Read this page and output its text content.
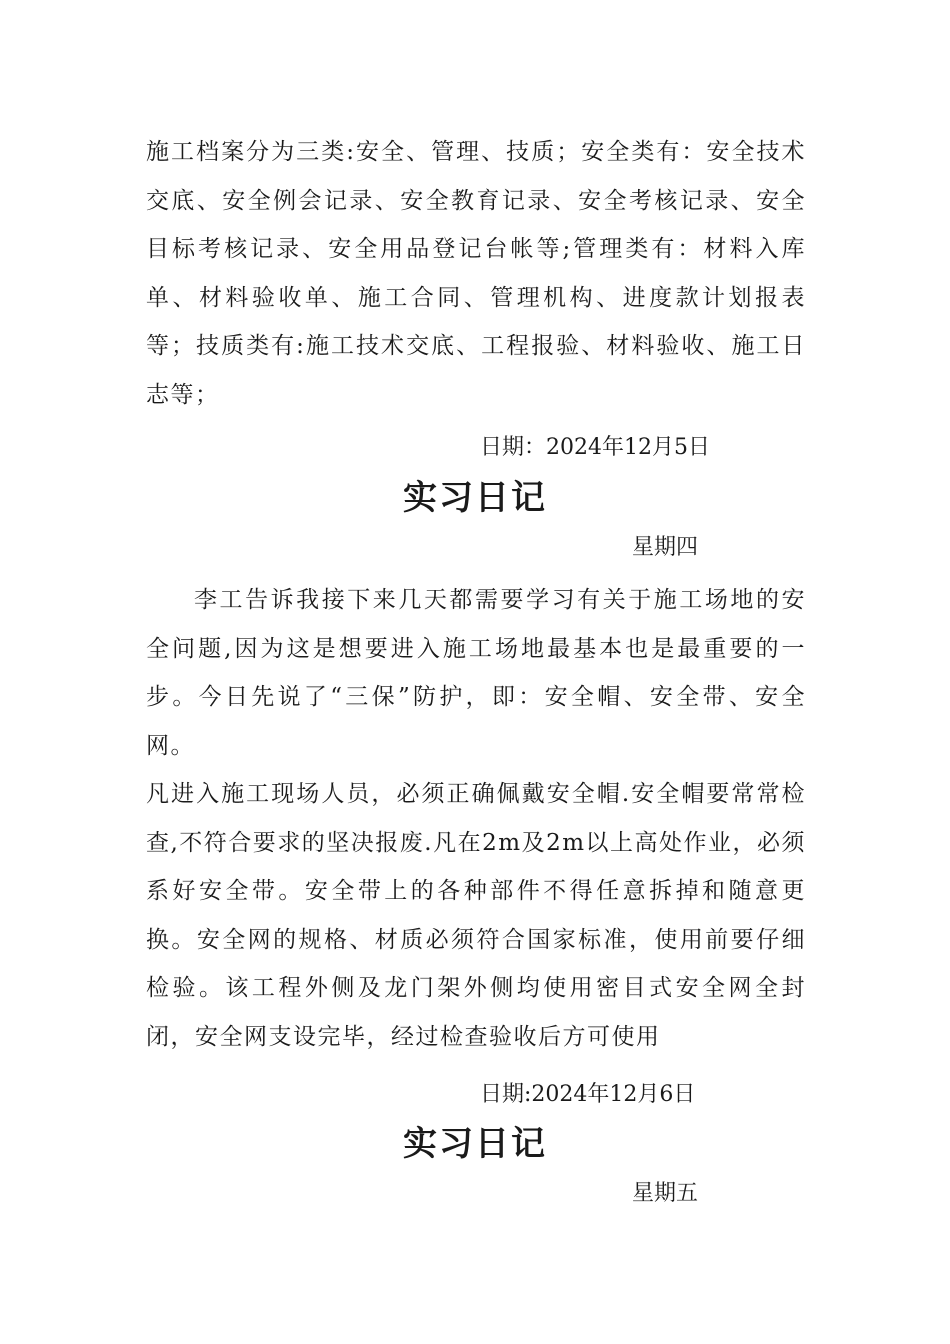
施工档案分为三类:安全、管理、技质；安全类有：安全技术交底、安全例会记录、安全教育记录、安全考核记录、安全目标考核记录、安全用品登记台帐等;管理类有：材料入库单、材料验收单、施工合同、管理机构、进度款计划报表等；技质类有:施工技术交底、工程报验、材料验收、施工日志等；

日期：2024年12月5日

实习日记

星期四

李工告诉我接下来几天都需要学习有关于施工场地的安全问题,因为这是想要进入施工场地最基本也是最重要的一步。今日先说了“三保”防护，即：安全帽、安全带、安全网。

凡进入施工现场人员，必须正确佩戴安全帽.安全帽要常常检查,不符合要求的坚决报废.凡在2m及2m以上高处作业，必须系好安全带。安全带上的各种部件不得任意拆掉和随意更换。安全网的规格、材质必须符合国家标准，使用前要仔细检验。该工程外侧及龙门架外侧均使用密目式安全网全封闭，安全网支设完毕，经过检查验收后方可使用

日期:2024年12月6日

实习日记

星期五
